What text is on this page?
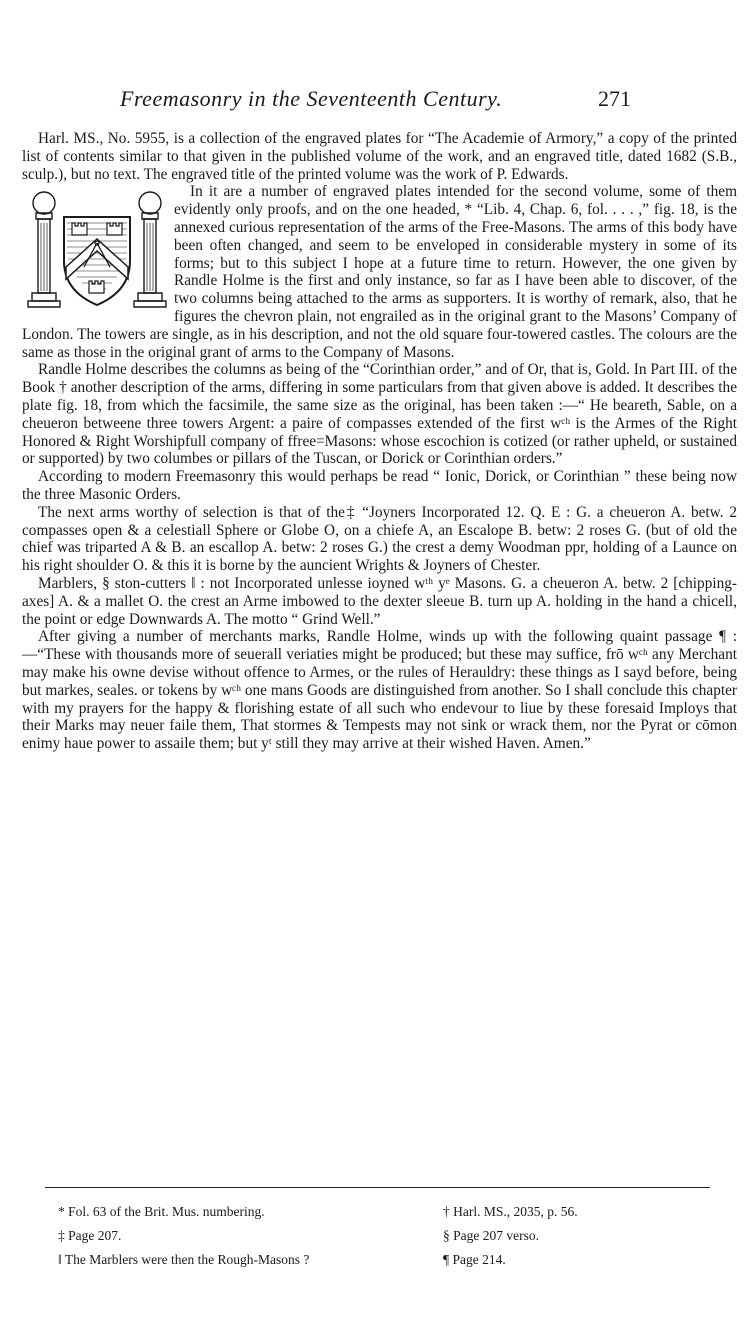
Freemasonry in the Seventeenth Century.	271

Harl. MS., No. 5955, is a collection of the engraved plates for “The Academie of Armory,” a copy of the printed list of contents similar to that given in the published volume of the work, and an engraved title, dated 1682 (S.B., sculp.), but no text. The engraved title of the printed volume was the work of P. Edwards.

In it are a number of engraved plates intended for the second volume, some of them evidently only proofs, and on the one headed, * “Lib. 4, Chap. 6, fol. . . . ,” fig. 18, is the annexed curious representation of the arms of the Free-Masons. The arms of this body have been often changed, and seem to be enveloped in considerable mystery in some of its forms; but to this subject I hope at a future time to return. However, the one given by Randle Holme is the first and only instance, so far as I have been able to discover, of the two columns being attached to the arms as supporters. It is worthy of remark, also, that he figures the chevron plain, not engrailed as in the original grant to the Masons’ Company of London. The towers are single, as in his description, and not the old square four-towered castles. The colours are the same as those in the original grant of arms to the Company of Masons.

Randle Holme describes the columns as being of the “Corinthian order,” and of Or, that is, Gold. In Part III. of the Book † another description of the arms, differing in some particulars from that given above is added. It describes the plate fig. 18, from which the facsimile, the same size as the original, has been taken :—“ He beareth, Sable, on a cheueron betweene three towers Argent: a paire of compasses extended of the first wᶜʰ is the Armes of the Right Honored & Right Worshipfull company of ffree=Masons: whose escochion is cotized (or rather upheld, or sustained or supported) by two columbes or pillars of the Tuscan, or Dorick or Corinthian orders.”

According to modern Freemasonry this would perhaps be read “ Ionic, Dorick, or Corinthian ” these being now the three Masonic Orders.

The next arms worthy of selection is that of the‡ “Joyners Incorporated 12. Q. E : G. a cheueron A. betw. 2 compasses open & a celestiall Sphere or Globe O, on a chiefe A, an Escalope B. betw: 2 roses G. (but of old the chief was triparted A & B. an escallop A. betw: 2 roses G.) the crest a demy Woodman ppr, holding of a Launce on his right shoulder O. & this it is borne by the auncient Wrights & Joyners of Chester.

Marblers, § ston-cutters ‖ : not Incorporated unlesse ioyned wᵗʰ yᵉ Masons. G. a cheueron A. betw. 2 [chipping-axes] A. & a mallet O. the crest an Arme imbowed to the dexter sleeue B. turn up A. holding in the hand a chicell, the point or edge Downwards A. The motto “ Grind Well.”

After giving a number of merchants marks, Randle Holme, winds up with the following quaint passage ¶ :—“These with thousands more of seuerall veriaties might be produced; but these may suffice, frō wᶜʰ any Merchant may make his owne devise without offence to Armes, or the rules of Herauldry: these things as I sayd before, being but markes, seales. or tokens by wᶜʰ one mans Goods are distinguished from another. So I shall conclude this chapter with my prayers for the happy & florishing estate of all such who endevour to liue by these foresaid Imploys that their Marks may neuer faile them, That stormes & Tempests may not sink or wrack them, nor the Pyrat or cōmon enimy haue power to assaile them; but yᵗ still they may arrive at their wished Haven. Amen.”

* Fol. 63 of the Brit. Mus. numbering.	† Harl. MS., 2035, p. 56.
‡ Page 207.	§ Page 207 verso.
‖ The Marblers were then the Rough-Masons ?	¶ Page 214.
